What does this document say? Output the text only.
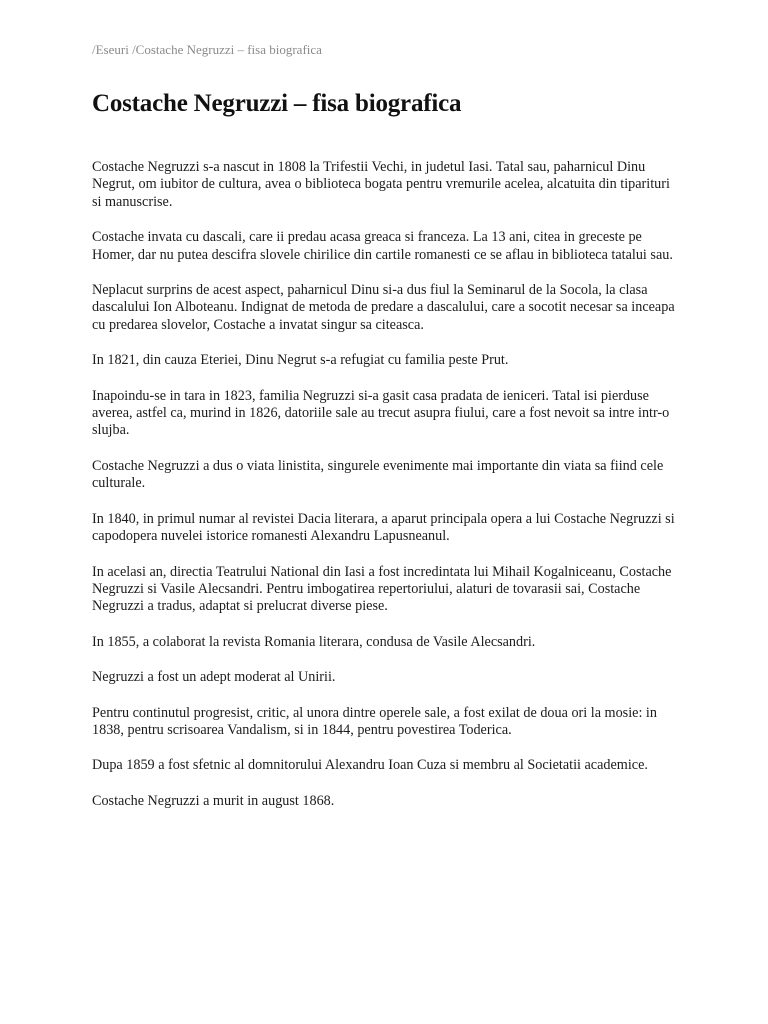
/Eseuri /Costache Negruzzi – fisa biografica
Costache Negruzzi – fisa biografica

Costache Negruzzi s-a nascut in 1808 la Trifestii Vechi, in judetul Iasi. Tatal sau, paharnicul Dinu Negrut, om iubitor de cultura, avea o biblioteca bogata pentru vremurile acelea, alcatuita din tiparituri si manuscrise.

Costache invata cu dascali, care ii predau acasa greaca si franceza. La 13 ani, citea in greceste pe Homer, dar nu putea descifra slovele chirilice din cartile romanesti ce se aflau in biblioteca tatalui sau.

Neplacut surprins de acest aspect, paharnicul Dinu si-a dus fiul la Seminarul de la Socola, la clasa dascalului Ion Alboteanu. Indignat de metoda de predare a dascalului, care a socotit necesar sa inceapa cu predarea slovelor, Costache a invatat singur sa citeasca.

In 1821, din cauza Eteriei, Dinu Negrut s-a refugiat cu familia peste Prut.

Inapoindu-se in tara in 1823, familia Negruzzi si-a gasit casa pradata de ieniceri. Tatal isi pierduse averea, astfel ca, murind in 1826, datoriile sale au trecut asupra fiului, care a fost nevoit sa intre intr-o slujba.

Costache Negruzzi a dus o viata linistita, singurele evenimente mai importante din viata sa fiind cele culturale.

In 1840, in primul numar al revistei Dacia literara, a aparut principala opera a lui Costache Negruzzi si capodopera nuvelei istorice romanesti Alexandru Lapusneanul.

In acelasi an, directia Teatrului National din Iasi a fost incredintata lui Mihail Kogalniceanu, Costache Negruzzi si Vasile Alecsandri. Pentru imbogatirea repertoriului, alaturi de tovarasii sai, Costache Negruzzi a tradus, adaptat si prelucrat diverse piese.

In 1855, a colaborat la revista Romania literara, condusa de Vasile Alecsandri.

Negruzzi a fost un adept moderat al Unirii.

Pentru continutul progresist, critic, al unora dintre operele sale, a fost exilat de doua ori la mosie: in 1838, pentru scrisoarea Vandalism, si in 1844, pentru povestirea Toderica.

Dupa 1859 a fost sfetnic al domnitorului Alexandru Ioan Cuza si membru al Societatii academice.

Costache Negruzzi a murit in august 1868.
